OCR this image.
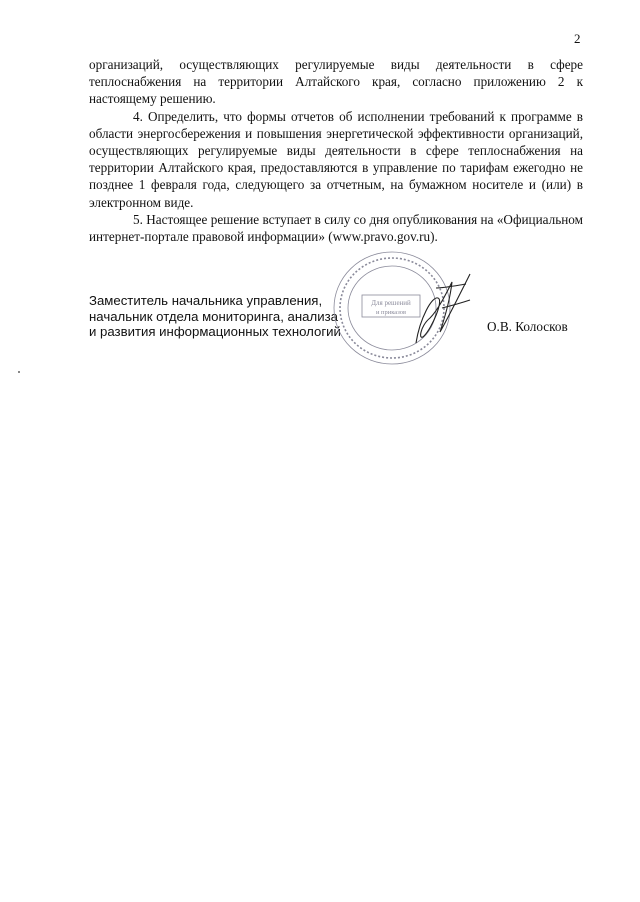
2

организаций, осуществляющих регулируемые виды деятельности в сфере теплоснабжения на территории Алтайского края, согласно приложению 2 к настоящему решению.

4. Определить, что формы отчетов об исполнении требований к программе в области энергосбережения и повышения энергетической эффективности организаций, осуществляющих регулируемые виды деятельности в сфере теплоснабжения на территории Алтайского края, предоставляются в управление по тарифам ежегодно не позднее 1 февраля года, следующего за отчетным, на бумажном носителе и (или) в электронном виде.

5. Настоящее решение вступает в силу со дня опубликования на «Официальном интернет-портале правовой информации» (www.pravo.gov.ru).

Заместитель начальника управления,
начальник отдела мониторинга, анализа
и развития информационных технологий
Для решений
и приказов
О.В. Колосков
